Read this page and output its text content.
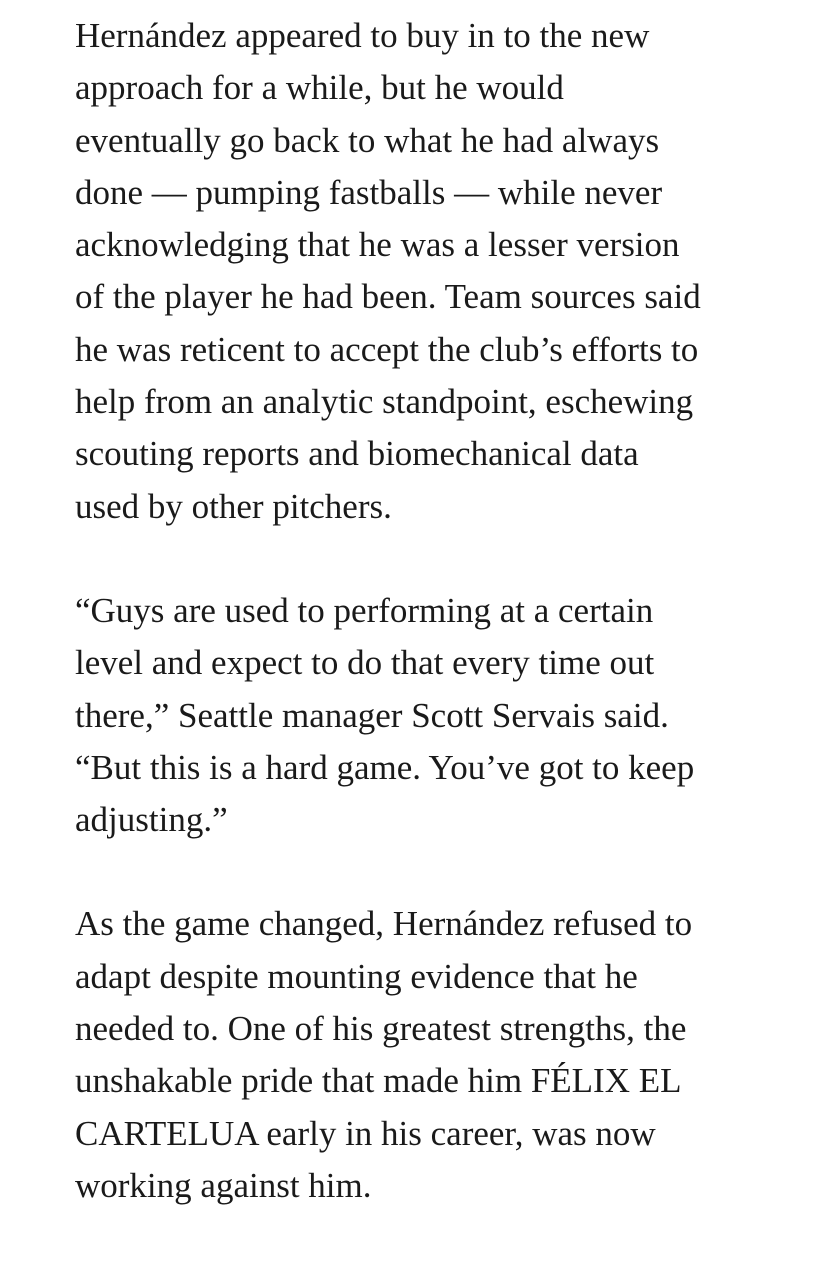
Hernández appeared to buy in to the new
approach for a while, but he would
eventually go back to what he had always
done — pumping fastballs — while never
acknowledging that he was a lesser version
of the player he had been. Team sources said
he was reticent to accept the club’s efforts to
help from an analytic standpoint, eschewing
scouting reports and biomechanical data
used by other pitchers.

“Guys are used to performing at a certain
level and expect to do that every time out
there,” Seattle manager Scott Servais said.
“But this is a hard game. You’ve got to keep
adjusting.”

As the game changed, Hernández refused to
adapt despite mounting evidence that he
needed to. One of his greatest strengths, the
unshakable pride that made him FÉLIX EL
CARTELUA early in his career, was now
working against him.
